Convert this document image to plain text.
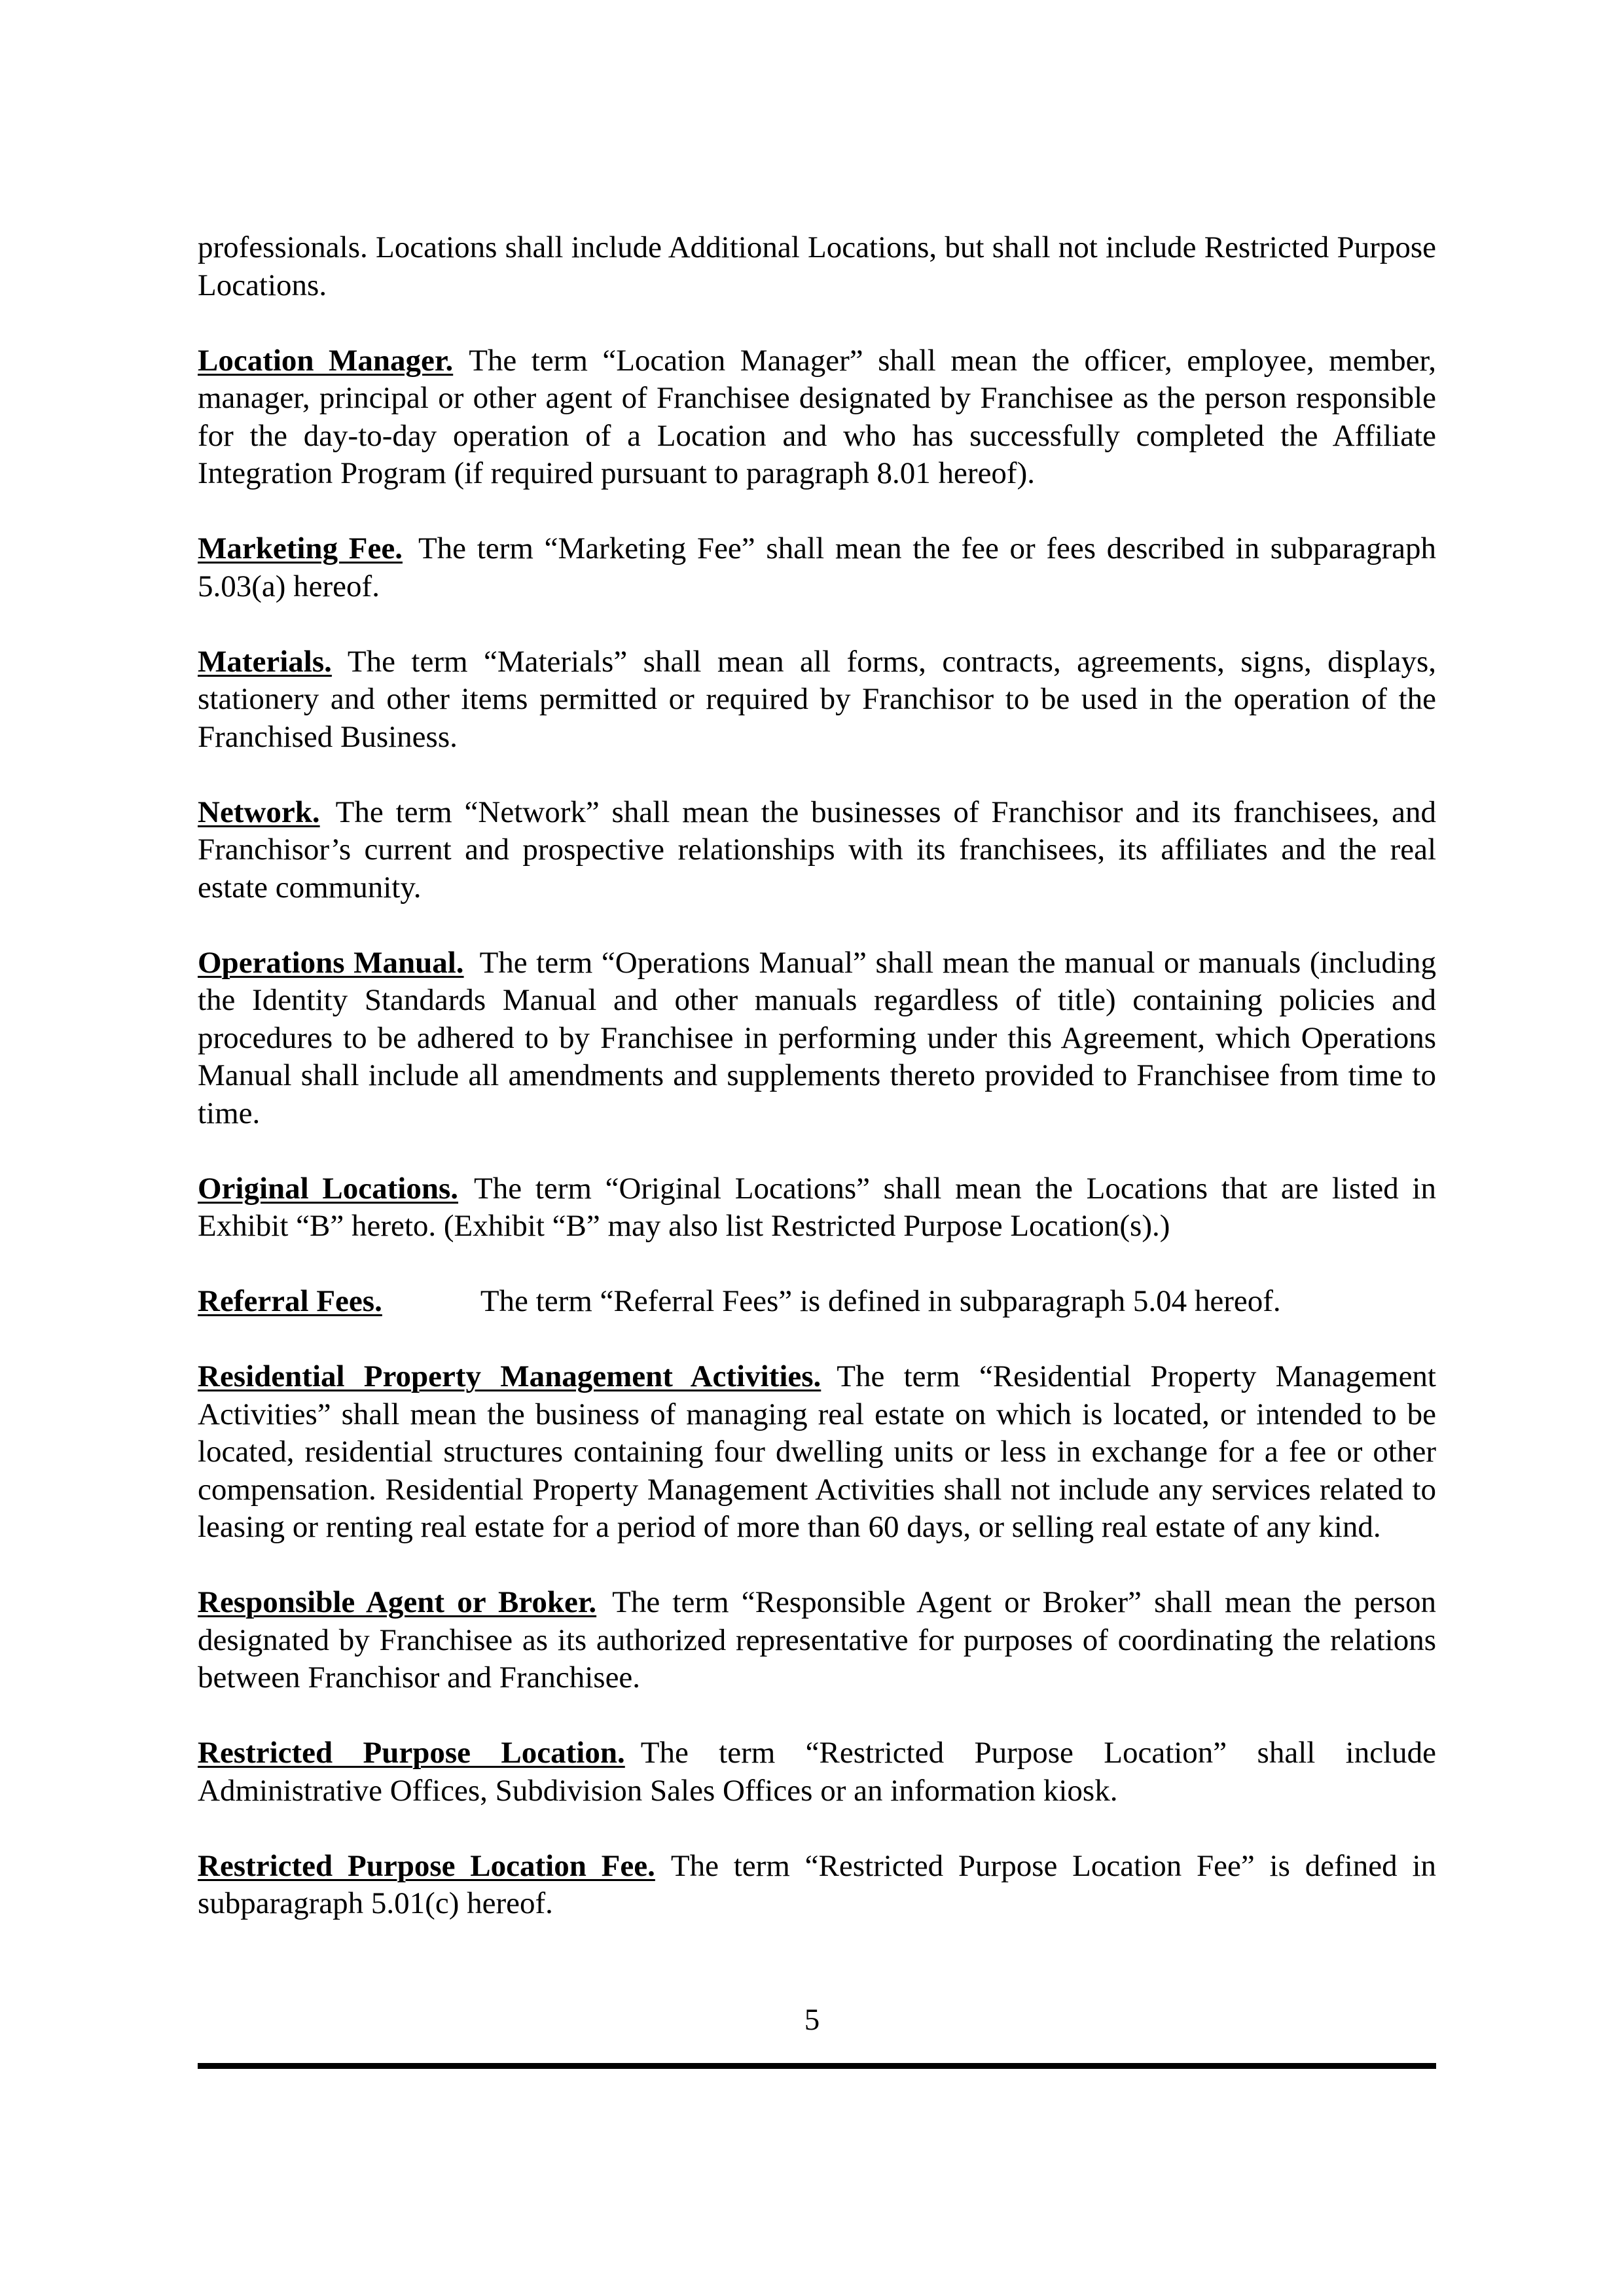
professionals. Locations shall include Additional Locations, but shall not include Restricted Purpose Locations.

Location Manager. The term “Location Manager” shall mean the officer, employee, member, manager, principal or other agent of Franchisee designated by Franchisee as the person responsible for the day-to-day operation of a Location and who has successfully completed the Affiliate Integration Program (if required pursuant to paragraph 8.01 hereof).

Marketing Fee. The term “Marketing Fee” shall mean the fee or fees described in subparagraph 5.03(a) hereof.

Materials. The term “Materials” shall mean all forms, contracts, agreements, signs, displays, stationery and other items permitted or required by Franchisor to be used in the operation of the Franchised Business.

Network. The term “Network” shall mean the businesses of Franchisor and its franchisees, and Franchisor’s current and prospective relationships with its franchisees, its affiliates and the real estate community.

Operations Manual. The term “Operations Manual” shall mean the manual or manuals (including the Identity Standards Manual and other manuals regardless of title) containing policies and procedures to be adhered to by Franchisee in performing under this Agreement, which Operations Manual shall include all amendments and supplements thereto provided to Franchisee from time to time.

Original Locations. The term “Original Locations” shall mean the Locations that are listed in Exhibit “B” hereto. (Exhibit “B” may also list Restricted Purpose Location(s).)

Referral Fees.	The term “Referral Fees” is defined in subparagraph 5.04 hereof.

Residential Property Management Activities. The term “Residential Property Management Activities” shall mean the business of managing real estate on which is located, or intended to be located, residential structures containing four dwelling units or less in exchange for a fee or other compensation. Residential Property Management Activities shall not include any services related to leasing or renting real estate for a period of more than 60 days, or selling real estate of any kind.

Responsible Agent or Broker. The term “Responsible Agent or Broker” shall mean the person designated by Franchisee as its authorized representative for purposes of coordinating the relations between Franchisor and Franchisee.

Restricted Purpose Location. The term “Restricted Purpose Location” shall include Administrative Offices, Subdivision Sales Offices or an information kiosk.

Restricted Purpose Location Fee. The term “Restricted Purpose Location Fee” is defined in subparagraph 5.01(c) hereof.

5
